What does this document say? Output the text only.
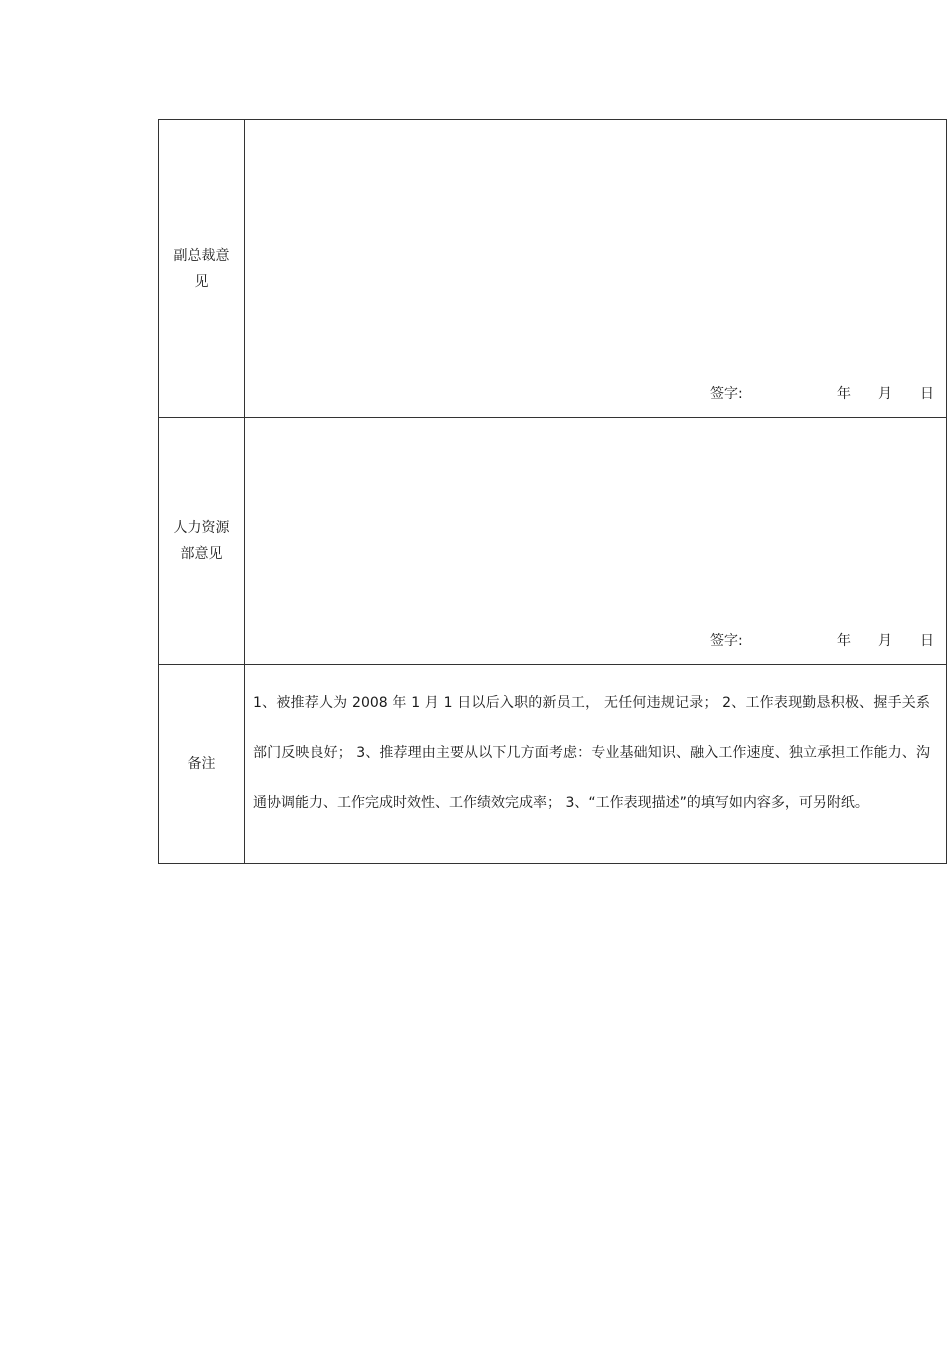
副总裁意见	签字: 年 月 日

人力资源部意见	签字: 年 月 日

备注	1、被推荐人为 2008 年 1 月 1 日以后入职的新员工， 无任何违规记录； 2、工作表现勤恳积极、握手关系部门反映良好； 3、推荐理由主要从以下几方面考虑：专业基础知识、融入工作速度、独立承担工作能力、沟通协调能力、工作完成时效性、工作绩效完成率； 3、“工作表现描述”的填写如内容多，可另附纸。
